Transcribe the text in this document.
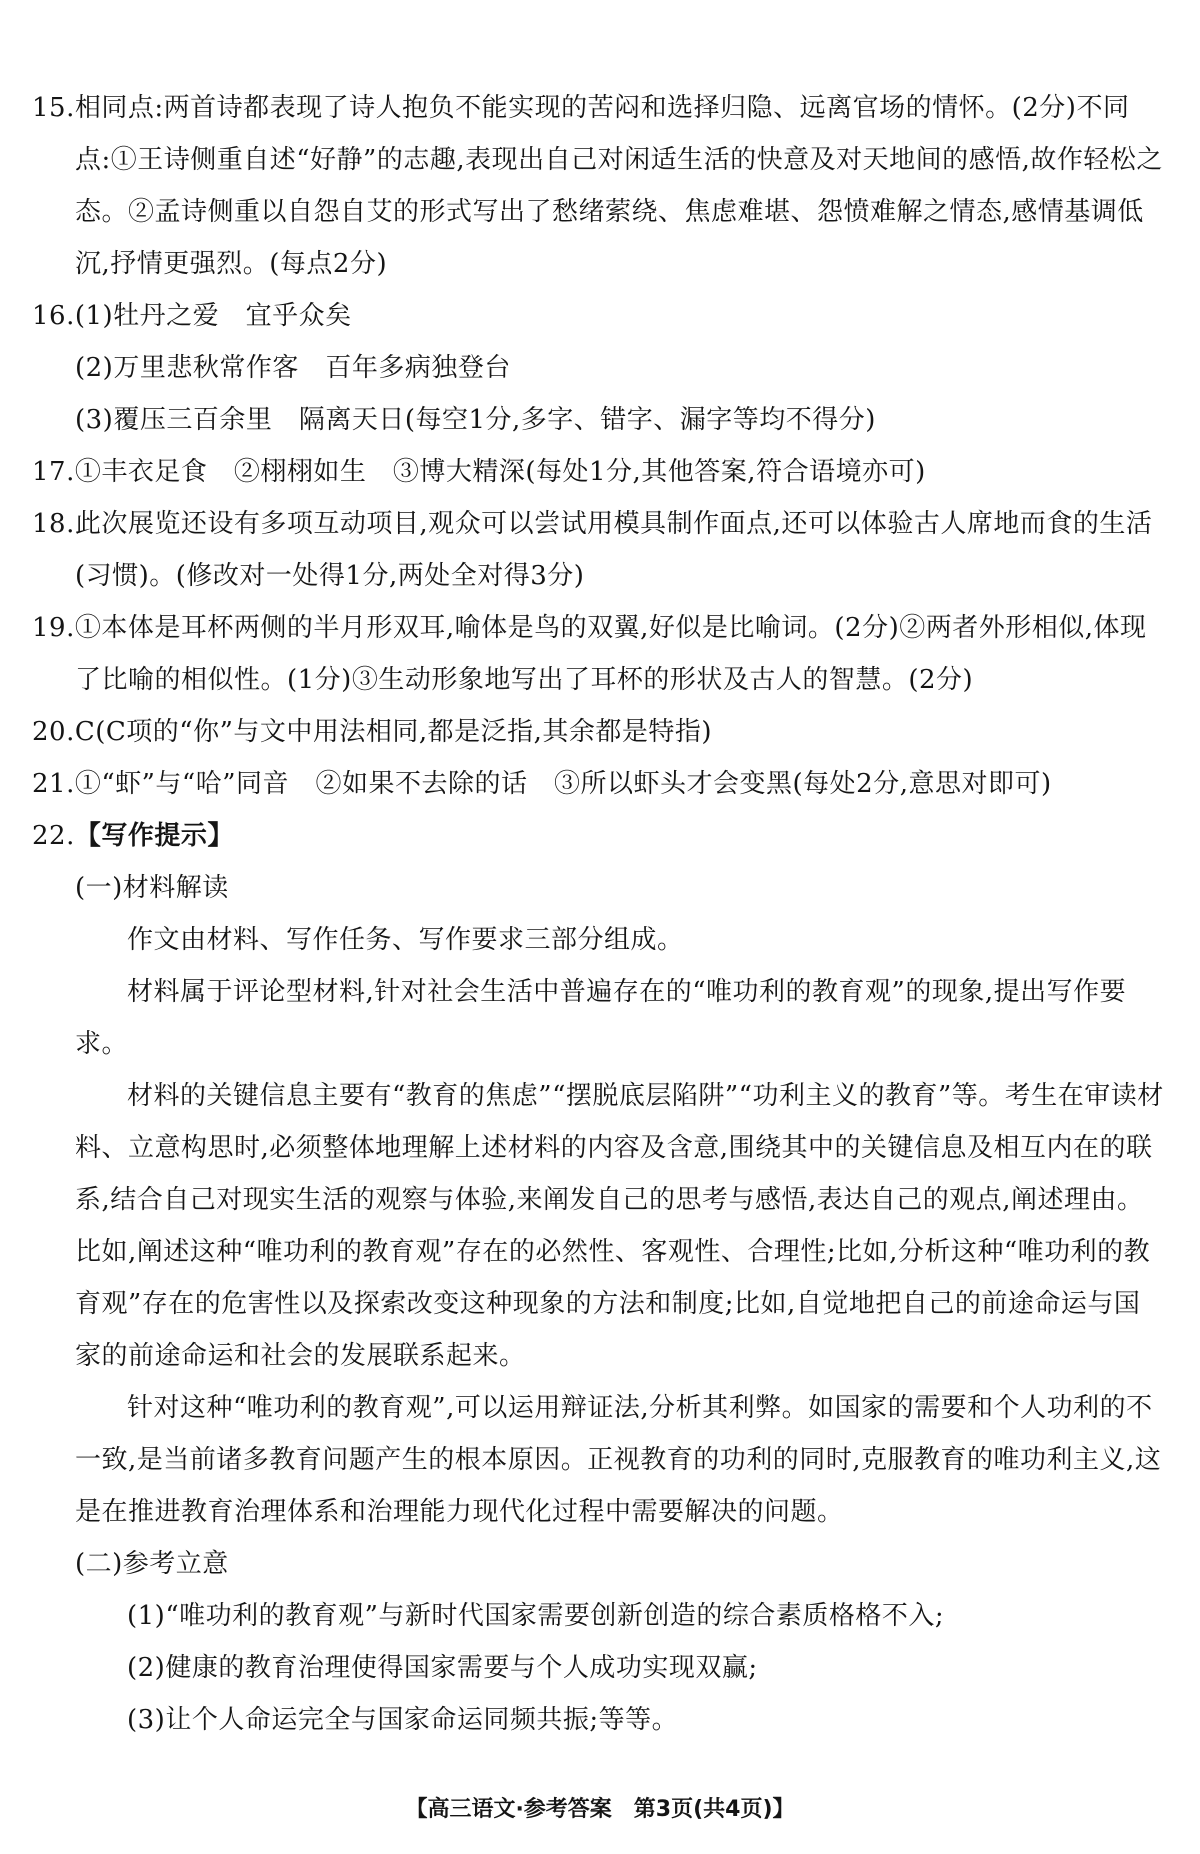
15.相同点:两首诗都表现了诗人抱负不能实现的苦闷和选择归隐、远离官场的情怀。(2分)不同点:①王诗侧重自述“好静”的志趣,表现出自己对闲适生活的快意及对天地间的感悟,故作轻松之态。②孟诗侧重以自怨自艾的形式写出了愁绪萦绕、焦虑难堪、怨愤难解之情态,感情基调低沉,抒情更强烈。(每点2分)

16.(1)牡丹之爱　宜乎众矣

(2)万里悲秋常作客　百年多病独登台

(3)覆压三百余里　隔离天日(每空1分,多字、错字、漏字等均不得分)

17.①丰衣足食　②栩栩如生　③博大精深(每处1分,其他答案,符合语境亦可)

18.此次展览还设有多项互动项目,观众可以尝试用模具制作面点,还可以体验古人席地而食的生活(习惯)。(修改对一处得1分,两处全对得3分)

19.①本体是耳杯两侧的半月形双耳,喻体是鸟的双翼,好似是比喻词。(2分)②两者外形相似,体现了比喻的相似性。(1分)③生动形象地写出了耳杯的形状及古人的智慧。(2分)

20.C(C项的“你”与文中用法相同,都是泛指,其余都是特指)

21.①“虾”与“哈”同音　②如果不去除的话　③所以虾头才会变黑(每处2分,意思对即可)

22.【写作提示】

(一)材料解读

作文由材料、写作任务、写作要求三部分组成。

材料属于评论型材料,针对社会生活中普遍存在的“唯功利的教育观”的现象,提出写作要求。

材料的关键信息主要有“教育的焦虑”“摆脱底层陷阱”“功利主义的教育”等。考生在审读材料、立意构思时,必须整体地理解上述材料的内容及含意,围绕其中的关键信息及相互内在的联系,结合自己对现实生活的观察与体验,来阐发自己的思考与感悟,表达自己的观点,阐述理由。比如,阐述这种“唯功利的教育观”存在的必然性、客观性、合理性;比如,分析这种“唯功利的教育观”存在的危害性以及探索改变这种现象的方法和制度;比如,自觉地把自己的前途命运与国家的前途命运和社会的发展联系起来。

针对这种“唯功利的教育观”,可以运用辩证法,分析其利弊。如国家的需要和个人功利的不一致,是当前诸多教育问题产生的根本原因。正视教育的功利的同时,克服教育的唯功利主义,这是在推进教育治理体系和治理能力现代化过程中需要解决的问题。

(二)参考立意

(1)“唯功利的教育观”与新时代国家需要创新创造的综合素质格格不入;

(2)健康的教育治理使得国家需要与个人成功实现双赢;

(3)让个人命运完全与国家命运同频共振;等等。

【高三语文·参考答案　第3页(共4页)】
